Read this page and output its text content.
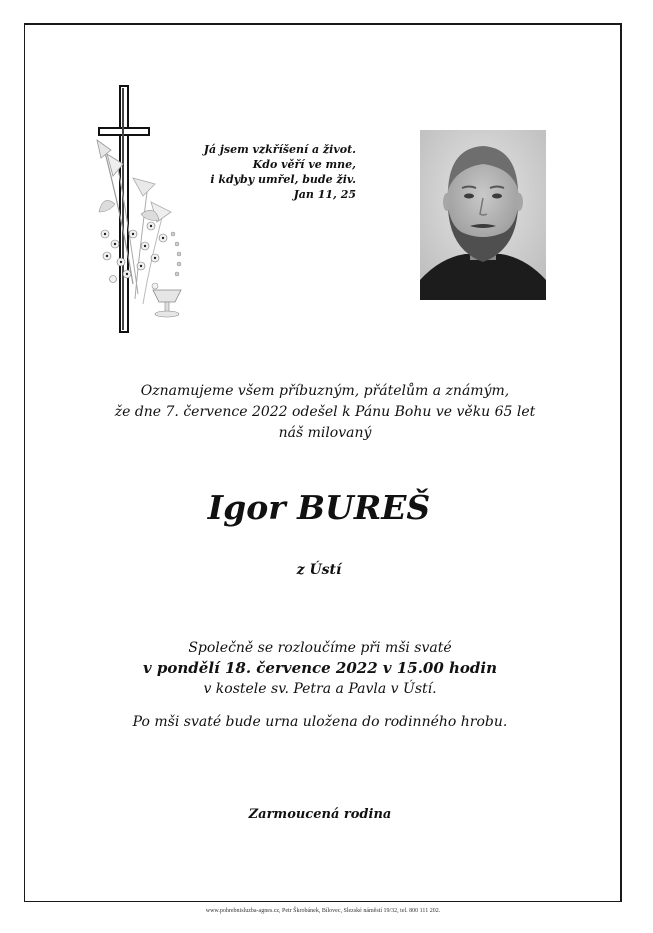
Já jsem vzkříšení a život.
Kdo věří ve mne,
i kdyby umřel, bude živ.
Jan 11, 25
Oznamujeme všem příbuzným, přátelům a známým,
že dne 7. července 2022 odešel k Pánu Bohu ve věku 65 let
náš milovaný
Igor BUREŠ
z Ústí
Společně se rozloučíme při mši svaté
v pondělí 18. července 2022 v 15.00 hodin
v kostele sv. Petra a Pavla v Ústí.
Po mši svaté bude urna uložena do rodinného hrobu.
Zarmoucená rodina
www.pohrebnisluzba-agnes.cz, Petr Škrobánek, Bílovec, Slezské náměstí 19/32, tel. 800 111 202.
